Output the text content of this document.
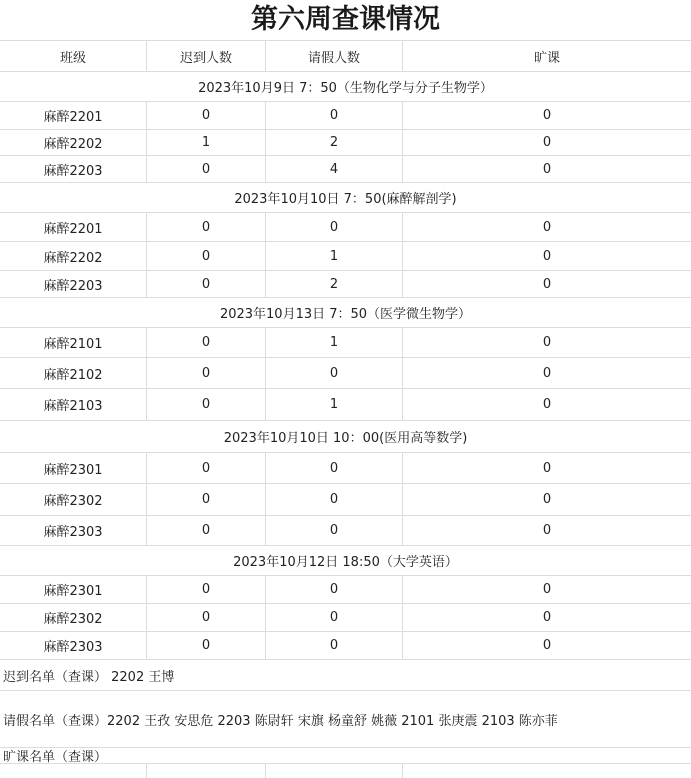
第六周查课情况
班级	迟到人数	请假人数	旷课
2023年10月9日 7：50（生物化学与分子生物学）
麻醉2201	0	0	0
麻醉2202	1	2	0
麻醉2203	0	4	0
2023年10月10日 7：50(麻醉解剖学)
麻醉2201	0	0	0
麻醉2202	0	1	0
麻醉2203	0	2	0
2023年10月13日 7：50（医学微生物学）
麻醉2101	0	1	0
麻醉2102	0	0	0
麻醉2103	0	1	0
2023年10月10日 10：00(医用高等数学)
麻醉2301	0	0	0
麻醉2302	0	0	0
麻醉2303	0	0	0
2023年10月12日 18:50（大学英语）
麻醉2301	0	0	0
麻醉2302	0	0	0
麻醉2303	0	0	0
迟到名单（查课） 2202 王博
请假名单（查课）2202 王孜 安思危 2203 陈尉轩 宋旗 杨童舒 姚薇 2101 张庚震 2103 陈亦菲
旷课名单（查课）
